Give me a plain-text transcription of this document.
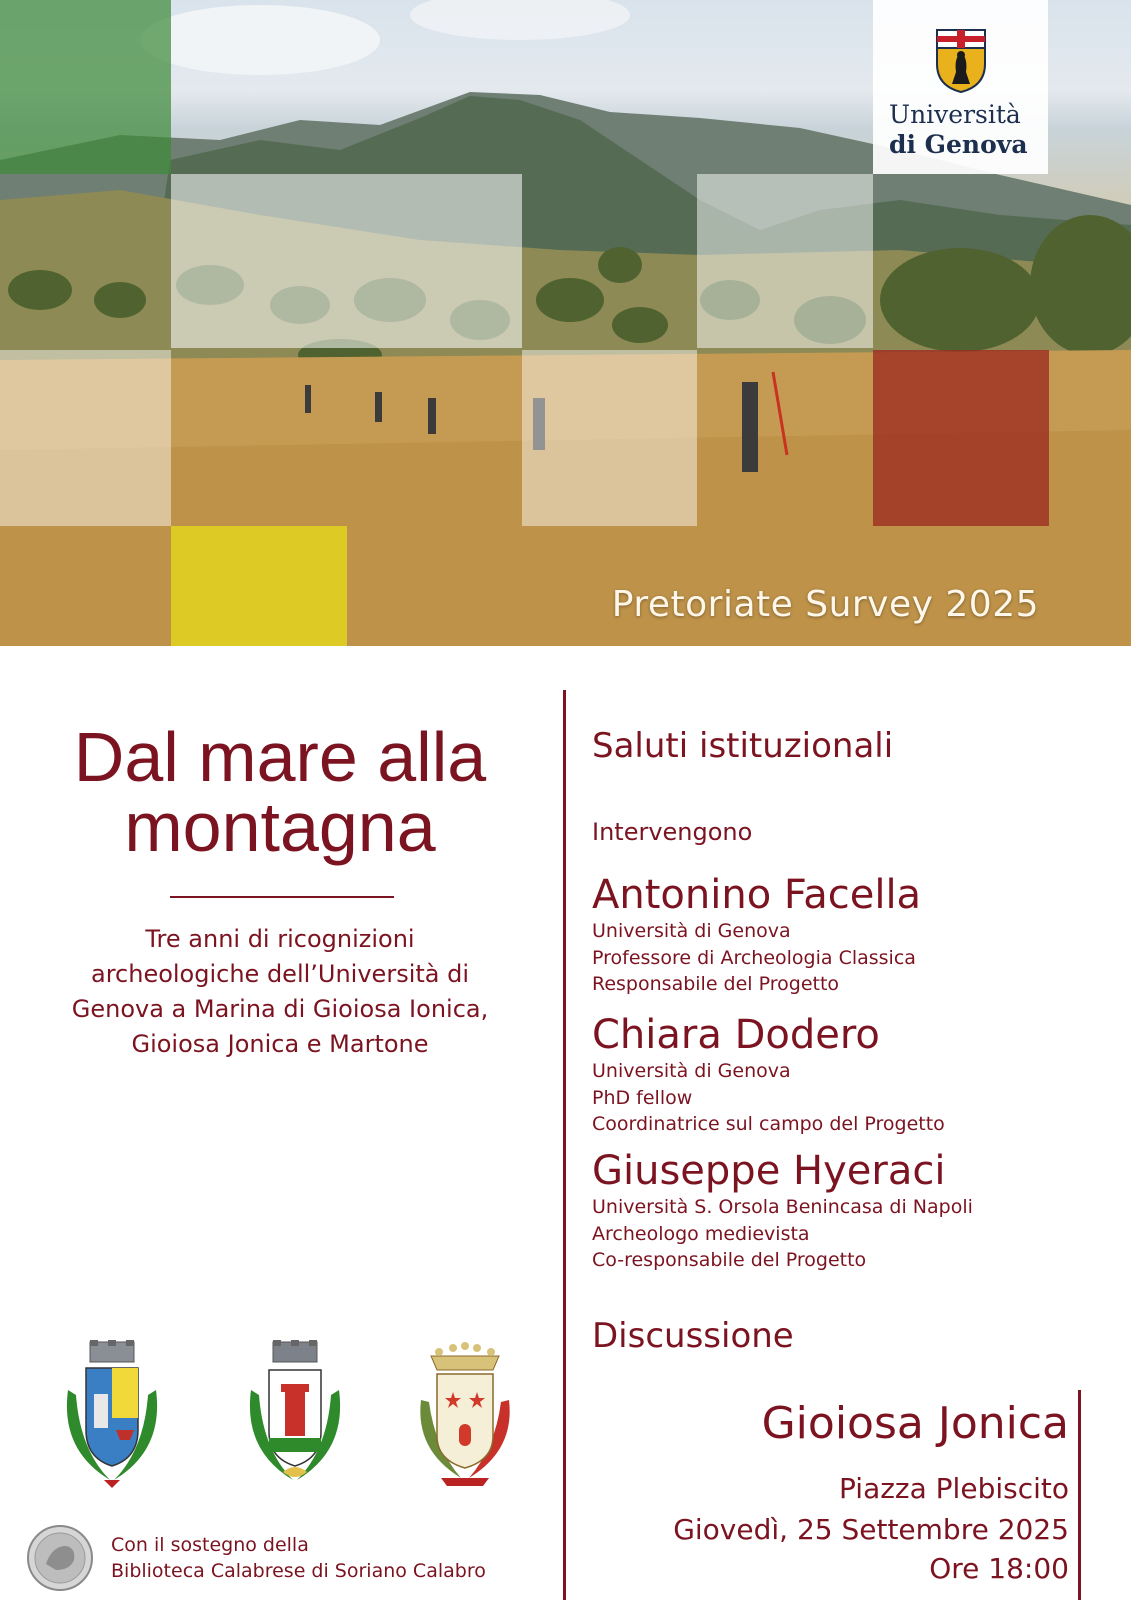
Università
di Genova
Pretoriate Survey 2025
Dal mare alla
montagna
Tre anni di ricognizioni
archeologiche dell’Università di
Genova a Marina di Gioiosa Ionica,
Gioiosa Jonica e Martone
Con il sostegno della
Biblioteca Calabrese di Soriano Calabro
Saluti istituzionali
Intervengono
Antonino Facella
Università di Genova
Professore di Archeologia Classica
Responsabile del Progetto
Chiara Dodero
Università di Genova
PhD fellow
Coordinatrice sul campo del Progetto
Giuseppe Hyeraci
Università S. Orsola Benincasa di Napoli
Archeologo medievista
Co-responsabile del Progetto
Discussione
Gioiosa Jonica
Piazza Plebiscito
Giovedì, 25 Settembre 2025
Ore 18:00
